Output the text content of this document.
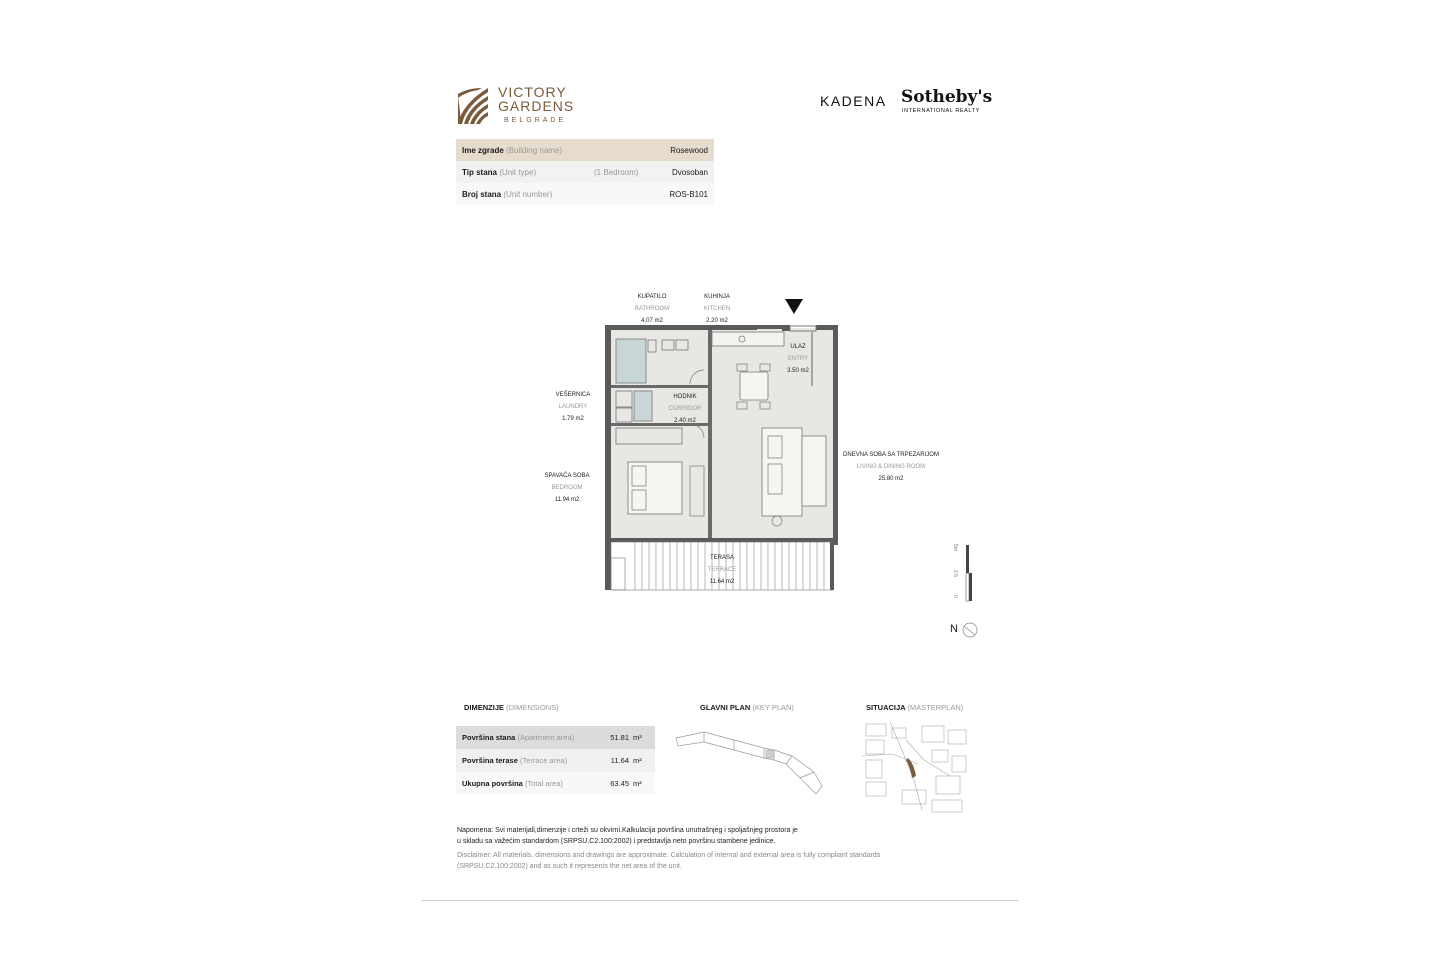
VICTORY
GARDENS
BELGRADE
KADENA Sotheby's
INTERNATIONAL REALTY
Ime zgrade (Building name)		Rosewood
Tip stana (Unit type)	(1 Bedroom)	Dvosoban
Broj stana (Unit number)		ROS-B101
KUPATILO
BATHROOM
4.07 m2
KUHINJA
KITCHEN
2.20 m2
ULAZ
ENTRY
3.50 m2
VEŠERNICA
LAUNDRY
1.79 m2
HODNIK
CORRIDOR
2.40 m2
DNEVNA SOBA SA TRPEZARIJOM
LIVING & DINING ROOM
25.80 m2
SPAVAĆA SOBA
BEDROOM
11.94 m2
TERASA
TERRACE
11.64 m2
5m
2.5
0
N
DIMENZIJE (DIMENSIONS)
Površina stana (Apartment area)	51.81 m²
Površina terase (Terrace area)	11.64 m²
Ukupna površina (Total area)	63.45 m²
GLAVNI PLAN (KEY PLAN)	SITUACIJA (MASTERPLAN)
Napomena: Svi materijali,dimenzije i crteži su okvirni.Kalkulacija površina unutrašnjeg i spoljašnjeg prostora je
u skladu sa važećim standardom (SRPSU.C2.100:2002) i predstavlja neto površinu stambene jedinice.
Disclaimer: All materials, dimensions and drawings are approximate. Calculation of internal and external area is fully compliant standards
(SRPSU.C2.100:2002) and as such it represents the net area of the unit.
